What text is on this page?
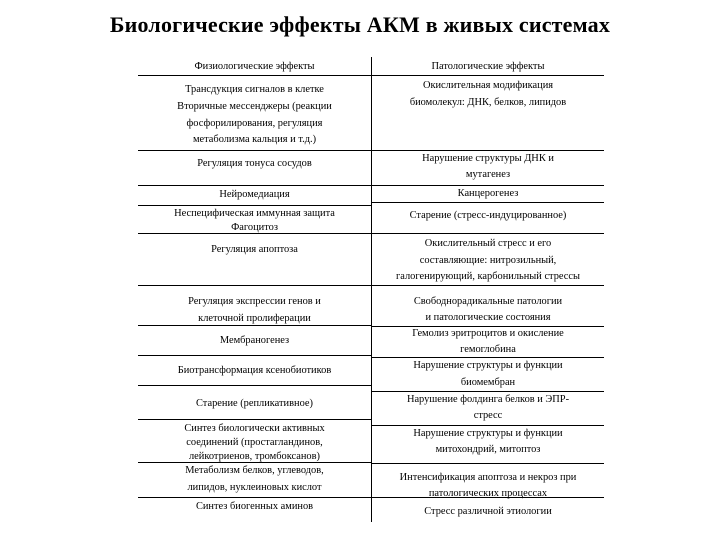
Биологические эффекты АКМ в живых системах
Физиологические эффекты	Патологические эффекты
Трансдукция сигналов в клетке
Вторичные мессенджеры (реакции
фосфорилирования, регуляция
метаболизма кальция и т.д.)
Регуляция тонуса сосудов
Нейромедиация
Неспецифическая иммунная защита
Фагоцитоз
Регуляция апоптоза
Регуляция экспрессии генов и
клеточной пролиферации
Мембраногенез
Биотрансформация ксенобиотиков
Старение (репликативное)
Синтез биологически активных
соединений (простагландинов,
лейкотриенов, тромбоксанов)
Метаболизм белков, углеводов,
липидов, нуклеиновых кислот
Синтез биогенных аминов
Окислительная модификация
биомолекул: ДНК, белков, липидов
Нарушение структуры ДНК и
мутагенез
Канцерогенез
Старение (стресс-индуцированное)
Окислительный стресс и его
составляющие: нитрозильный,
галогенирующий, карбонильный стрессы
Свободнорадикальные патологии
и патологические состояния
Гемолиз эритроцитов и окисление
гемоглобина
Нарушение структуры и функции
биомембран
Нарушение фолдинга белков и ЭПР-
стресс
Нарушение структуры и функции
митохондрий, митоптоз
Интенсификация апоптоза и некроз при
патологических процессах
Стресс различной этиологии
